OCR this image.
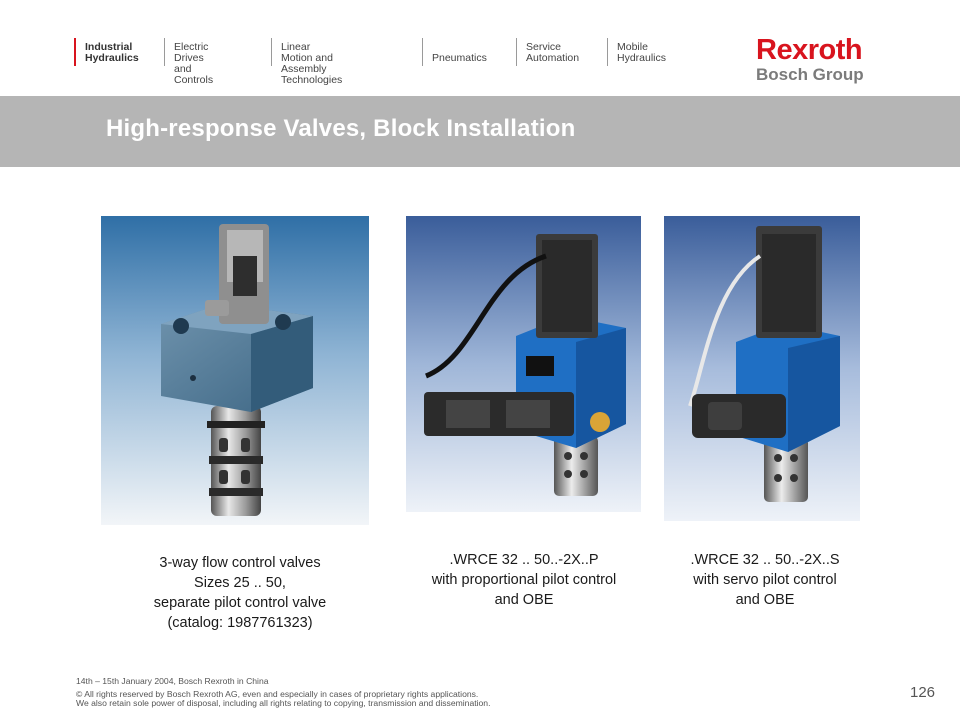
Industrial
Hydraulics
Electric Drives
and Controls
Linear Motion and
Assembly Technologies

Pneumatics
Service
Automation
Mobile
Hydraulics	Rexroth
Bosch Group
High-response Valves, Block Installation
3-way flow control valves
Sizes 25 .. 50,
separate pilot control valve
(catalog: 1987761323)
.WRCE 32 .. 50..-2X..P
with proportional pilot control
and OBE
.WRCE 32 .. 50..-2X..S
with servo pilot control
and OBE
14th – 15th January 2004, Bosch Rexroth in China
© All rights reserved by Bosch Rexroth AG, even and especially in cases of proprietary rights applications.
We also retain sole power of disposal, including all rights relating to copying, transmission and dissemination.
126
